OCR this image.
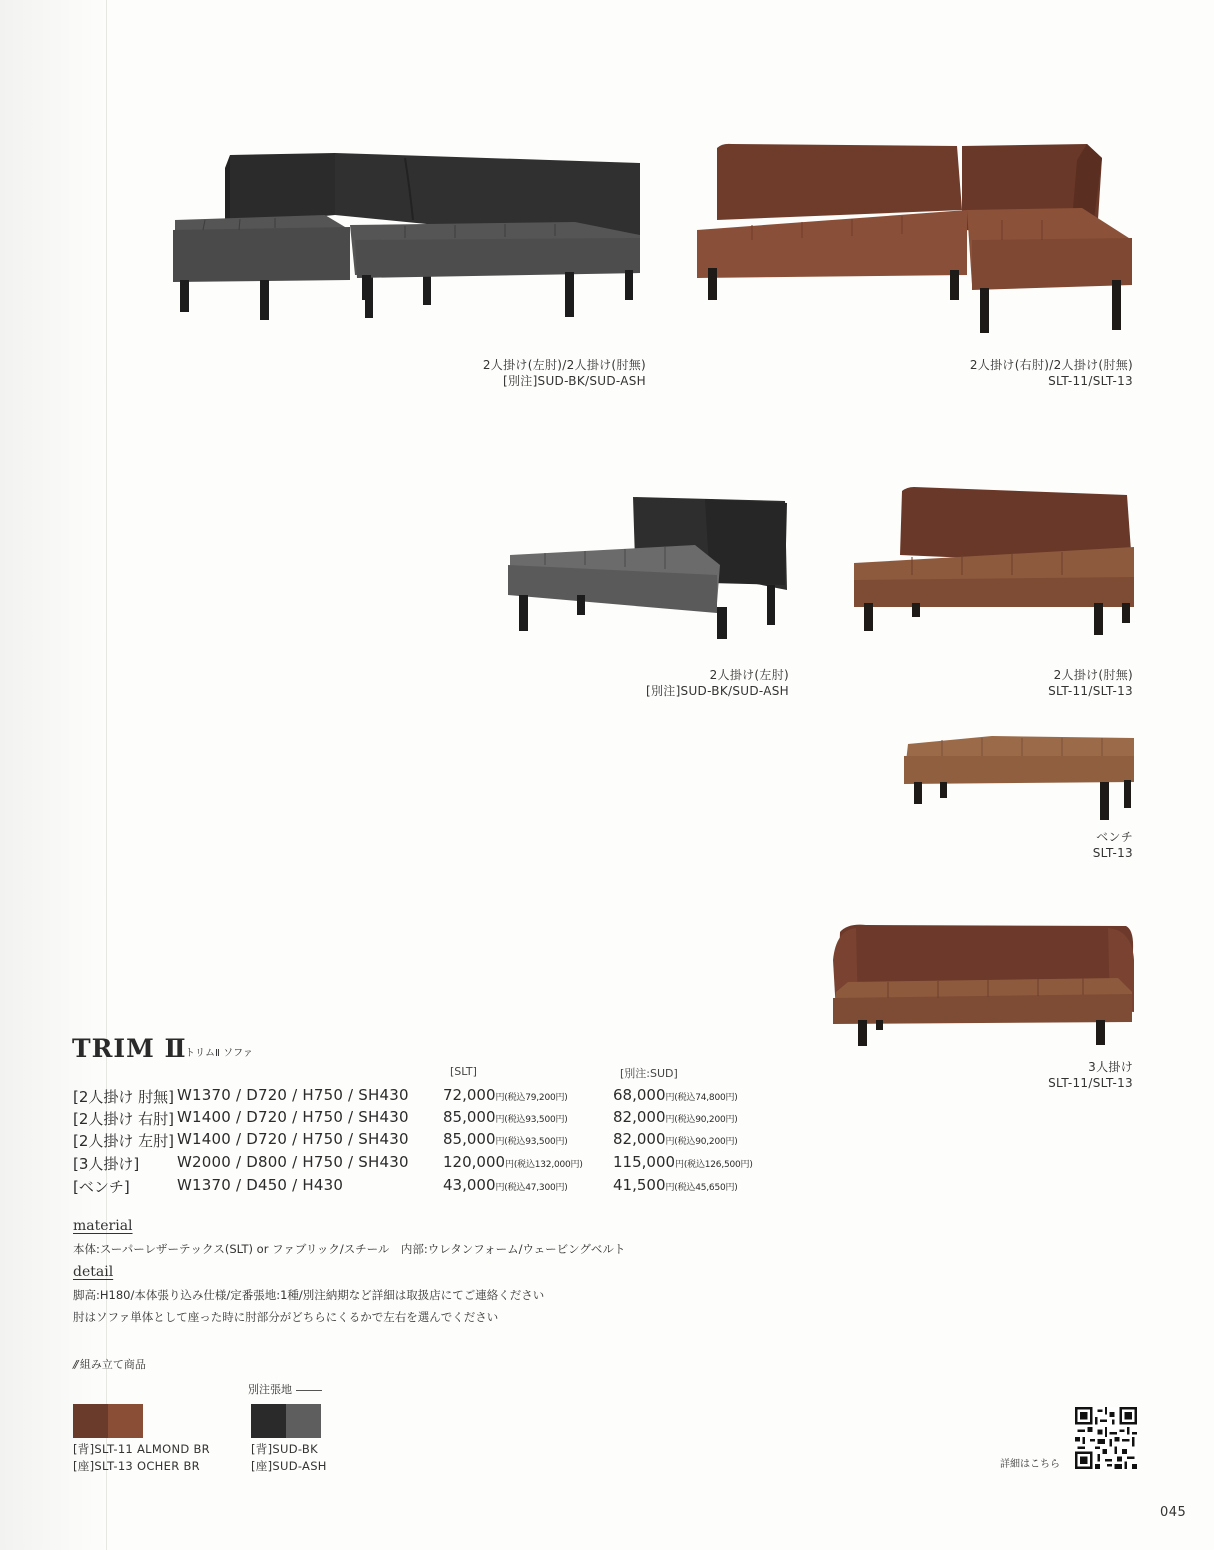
2人掛け(左肘)/2人掛け(肘無)
[別注]SUD-BK/SUD-ASH
2人掛け(右肘)/2人掛け(肘無)
SLT-11/SLT-13
2人掛け(左肘)
[別注]SUD-BK/SUD-ASH
2人掛け(肘無)
SLT-11/SLT-13
ベンチ
SLT-13
3人掛け
SLT-11/SLT-13
TRIM Ⅱ
トリムⅡ ソファ
[SLT]	[別注:SUD]
[2人掛け 肘無] W1370 / D720 / H750 / SH430 72,000円(税込79,200円)	68,000円(税込74,800円)
[2人掛け 右肘] W1400 / D720 / H750 / SH430 85,000円(税込93,500円)	82,000円(税込90,200円)
[2人掛け 左肘] W1400 / D720 / H750 / SH430 85,000円(税込93,500円)	82,000円(税込90,200円)
[3人掛け]	W2000 / D800 / H750 / SH430 120,000円(税込132,000円) 115,000円(税込126,500円)
[ベンチ]	W1370 / D450 / H430	43,000円(税込47,300円)	41,500円(税込45,650円)
material
本体:スーパーレザーテックス(SLT) or ファブリック/スチール　内部:ウレタンフォーム/ウェービングベルト
detail
脚高:H180/本体張り込み仕様/定番張地:1種/別注納期など詳細は取扱店にてご連絡ください
肘はソファ単体として座った時に肘部分がどちらにくるかで左右を選んでください
// 組み立て商品
別注張地
[背]SLT-11 ALMOND BR
[座]SLT-13 OCHER BR
[背]SUD-BK
[座]SUD-ASH	詳細はこちら
045
